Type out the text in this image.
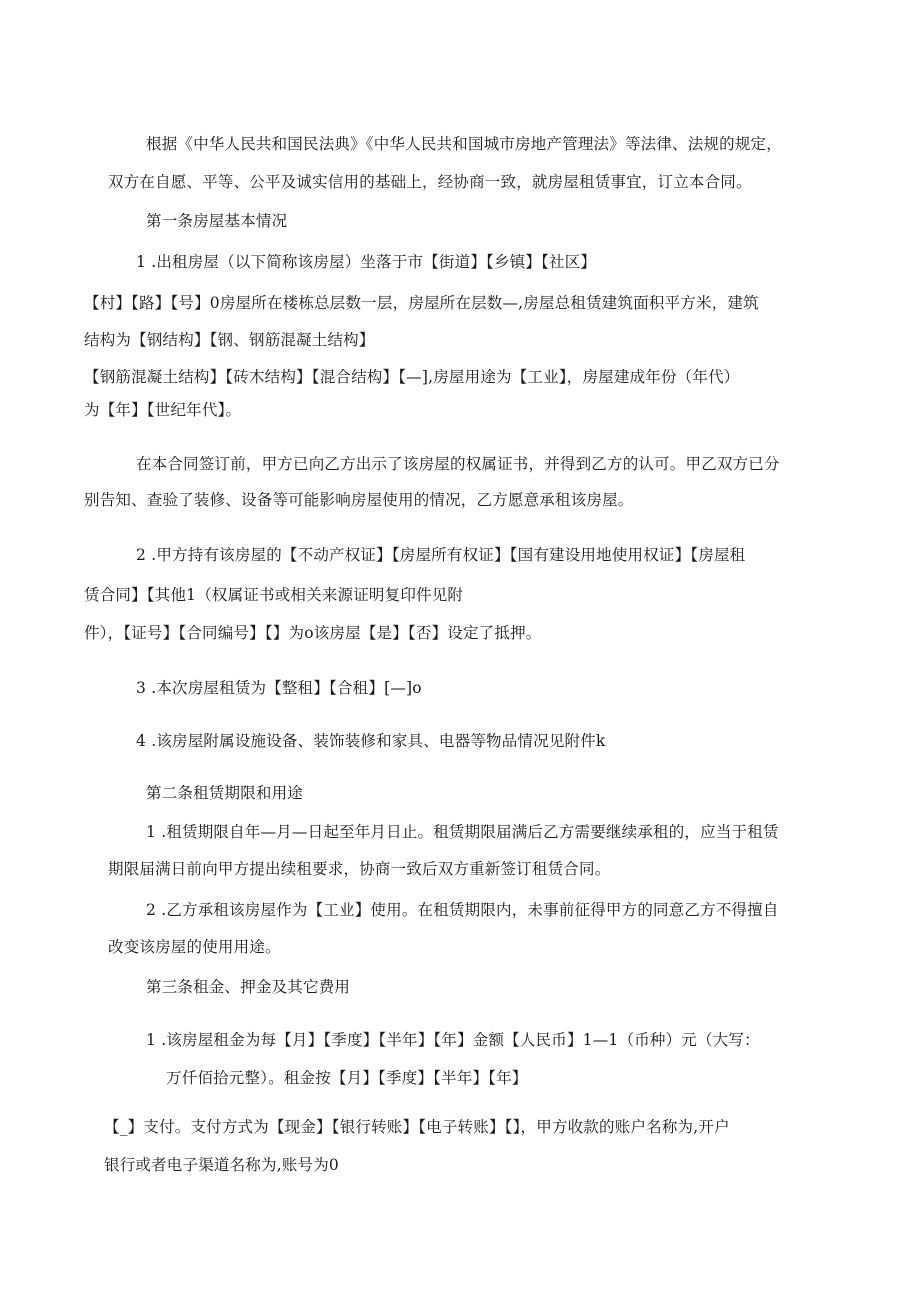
根据《中华人民共和国民法典》《中华人民共和国城市房地产管理法》等法律、法规的规定，
双方在自愿、平等、公平及诚实信用的基础上，经协商一致，就房屋租赁事宜，订立本合同。
第一条房屋基本情况
1 .出租房屋（以下简称该房屋）坐落于市【街道】【乡镇】【社区】
【村】【路】【号】0房屋所在楼栋总层数一层，房屋所在层数—,房屋总租赁建筑面积平方米，建筑
结构为【钢结构】【钢、钢筋混凝土结构】
【钢筋混凝土结构】【砖木结构】【混合结构】【—],房屋用途为【工业】，房屋建成年份（年代）
为【年】【世纪年代】。
在本合同签订前，甲方已向乙方出示了该房屋的权属证书，并得到乙方的认可。甲乙双方已分
别告知、查验了装修、设备等可能影响房屋使用的情况，乙方愿意承租该房屋。
2 .甲方持有该房屋的【不动产权证】【房屋所有权证】【国有建设用地使用权证】【房屋租
赁合同】【其他1（权属证书或相关来源证明复印件见附
件），【证号】【合同编号】【】为o该房屋【是】【否】设定了抵押。
3 .本次房屋租赁为【整租】【合租】[—]o
4 .该房屋附属设施设备、装饰装修和家具、电器等物品情况见附件k
第二条租赁期限和用途
1 .租赁期限自年—月—日起至年月日止。租赁期限届满后乙方需要继续承租的，应当于租赁
期限届满日前向甲方提出续租要求，协商一致后双方重新签订租赁合同。
2 .乙方承租该房屋作为【工业】使用。在租赁期限内，未事前征得甲方的同意乙方不得擅自
改变该房屋的使用用途。
第三条租金、押金及其它费用
1 .该房屋租金为每【月】【季度】【半年】【年】金额【人民币】1—1（币种）元（大写：
万仟佰拾元整）。租金按【月】【季度】【半年】【年】
【_】支付。支付方式为【现金】【银行转账】【电子转账】【】，甲方收款的账户名称为,开户
银行或者电子渠道名称为,账号为0
